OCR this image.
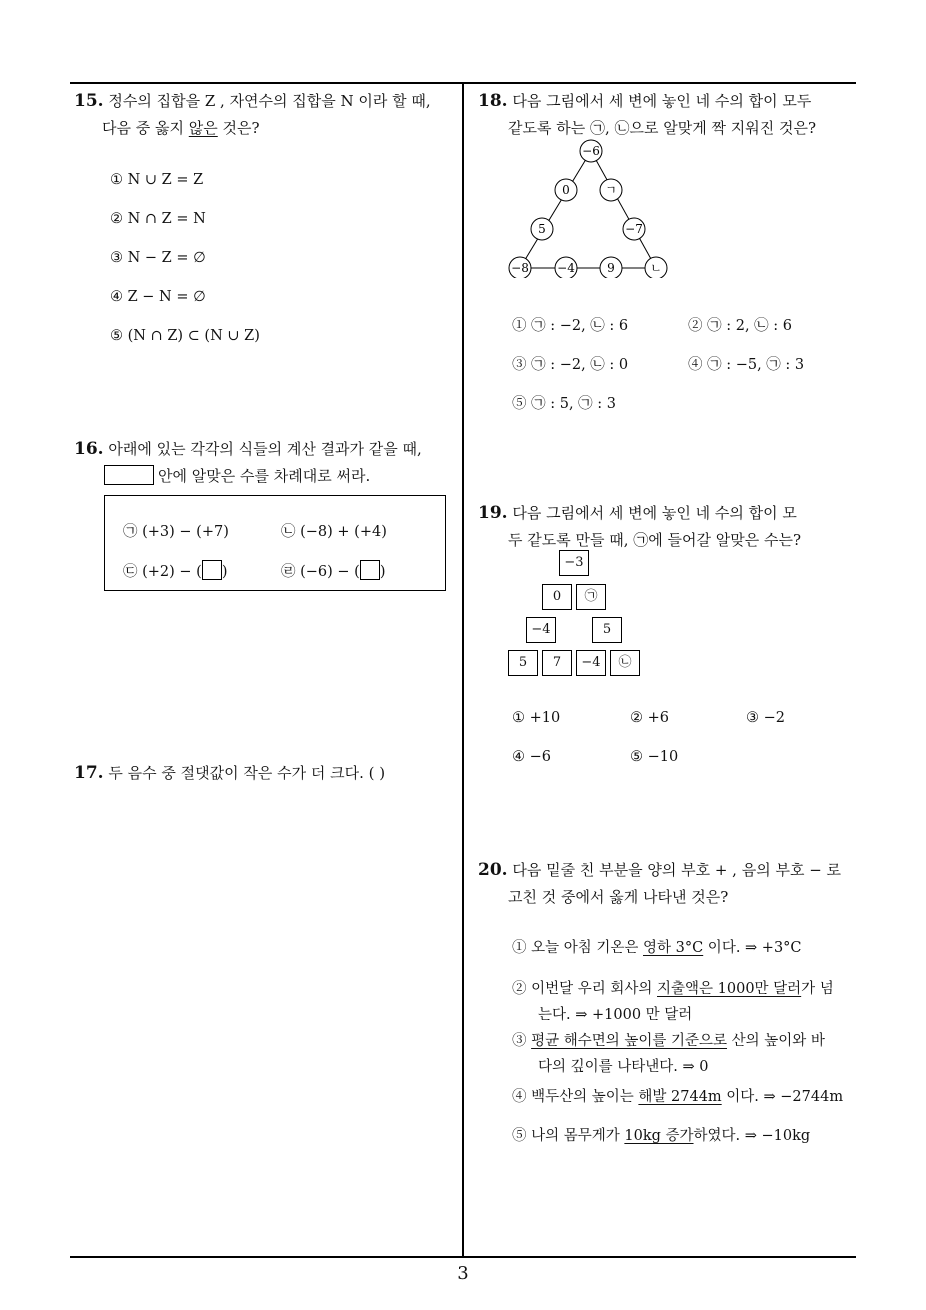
15. 정수의 집합을 Z , 자연수의 집합을 N 이라 할 때,
다음 중 옳지 않은 것은?
① N ∪ Z = Z
② N ∩ Z = N
③ N − Z = ∅
④ Z − N = ∅
⑤ (N ∩ Z) ⊂ (N ∪ Z)
16. 아래에 있는 각각의 식들의 계산 결과가 같을 때,
안에 알맞은 수를 차례대로 써라.
㉠ (+3) − (+7)	㉡ (−8) + (+4)
㉢ (+2) − ( )	㉣ (−6) − ( )
17. 두 음수 중 절댓값이 작은 수가 더 크다. ( )
18. 다음 그림에서 세 변에 놓인 네 수의 합이 모두
같도록 하는 ㉠, ㉡으로 알맞게 짝 지워진 것은?
−6
0	ㄱ
5	−7
−8 −4	9	ㄴ
① ㉠ : −2, ㉡ : 6	② ㉠ : 2, ㉡ : 6
③ ㉠ : −2, ㉡ : 0	④ ㉠ : −5, ㉠ : 3
⑤ ㉠ : 5, ㉠ : 3
19. 다음 그림에서 세 변에 놓인 네 수의 합이 모
두 같도록 만들 때, ㉠에 들어갈 알맞은 수는?
−3
0	㉠
−4	5
5	7	−4	㉡
① +10	② +6	③ −2
④ −6	⑤ −10
20. 다음 밑줄 친 부분을 양의 부호 + , 음의 부호 − 로
고친 것 중에서 옳게 나타낸 것은?
① 오늘 아침 기온은 영하 3°C 이다. ⇒ +3°C
② 이번달 우리 회사의 지출액은 1000만 달러가 넘
는다. ⇒ +1000 만 달러
③ 평균 해수면의 높이를 기준으로 산의 높이와 바
다의 깊이를 나타낸다. ⇒ 0
④ 백두산의 높이는 해발 2744m 이다. ⇒ −2744m
⑤ 나의 몸무게가 10kg 증가하였다. ⇒ −10kg
3
